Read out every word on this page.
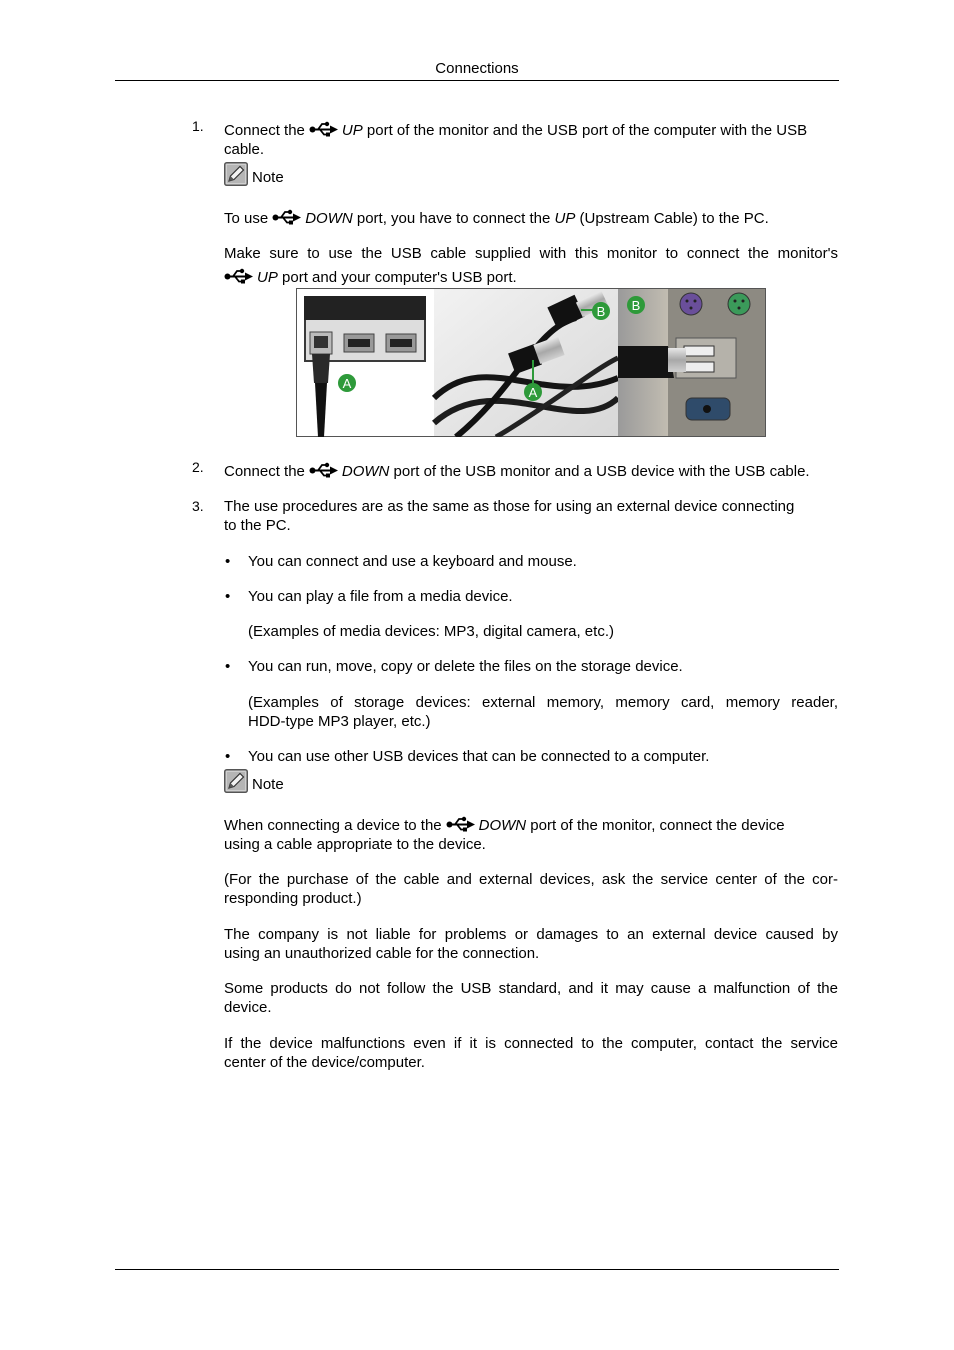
Connections
1. Connect the UP port of the monitor and the USB port of the computer with the USB
cable.
Note
To use DOWN port, you have to connect the UP (Upstream Cable) to the PC.
Make sure to use the USB cable supplied with this monitor to connect the monitor's
UP port and your computer's USB port.
A
B
A
B
2. Connect the DOWN port of the USB monitor and a USB device with the USB cable.
3. The use procedures are as the same as those for using an external device connecting
to the PC.
• You can connect and use a keyboard and mouse.
• You can play a file from a media device.
(Examples of media devices: MP3, digital camera, etc.)
• You can run, move, copy or delete the files on the storage device.
(Examples of storage devices: external memory, memory card, memory reader,
HDD-type MP3 player, etc.)
• You can use other USB devices that can be connected to a computer.
Note
When connecting a device to the DOWN port of the monitor, connect the device
using a cable appropriate to the device.
(For the purchase of the cable and external devices, ask the service center of the cor-
responding product.)
The company is not liable for problems or damages to an external device caused by
using an unauthorized cable for the connection.
Some products do not follow the USB standard, and it may cause a malfunction of the
device.
If the device malfunctions even if it is connected to the computer, contact the service
center of the device/computer.
